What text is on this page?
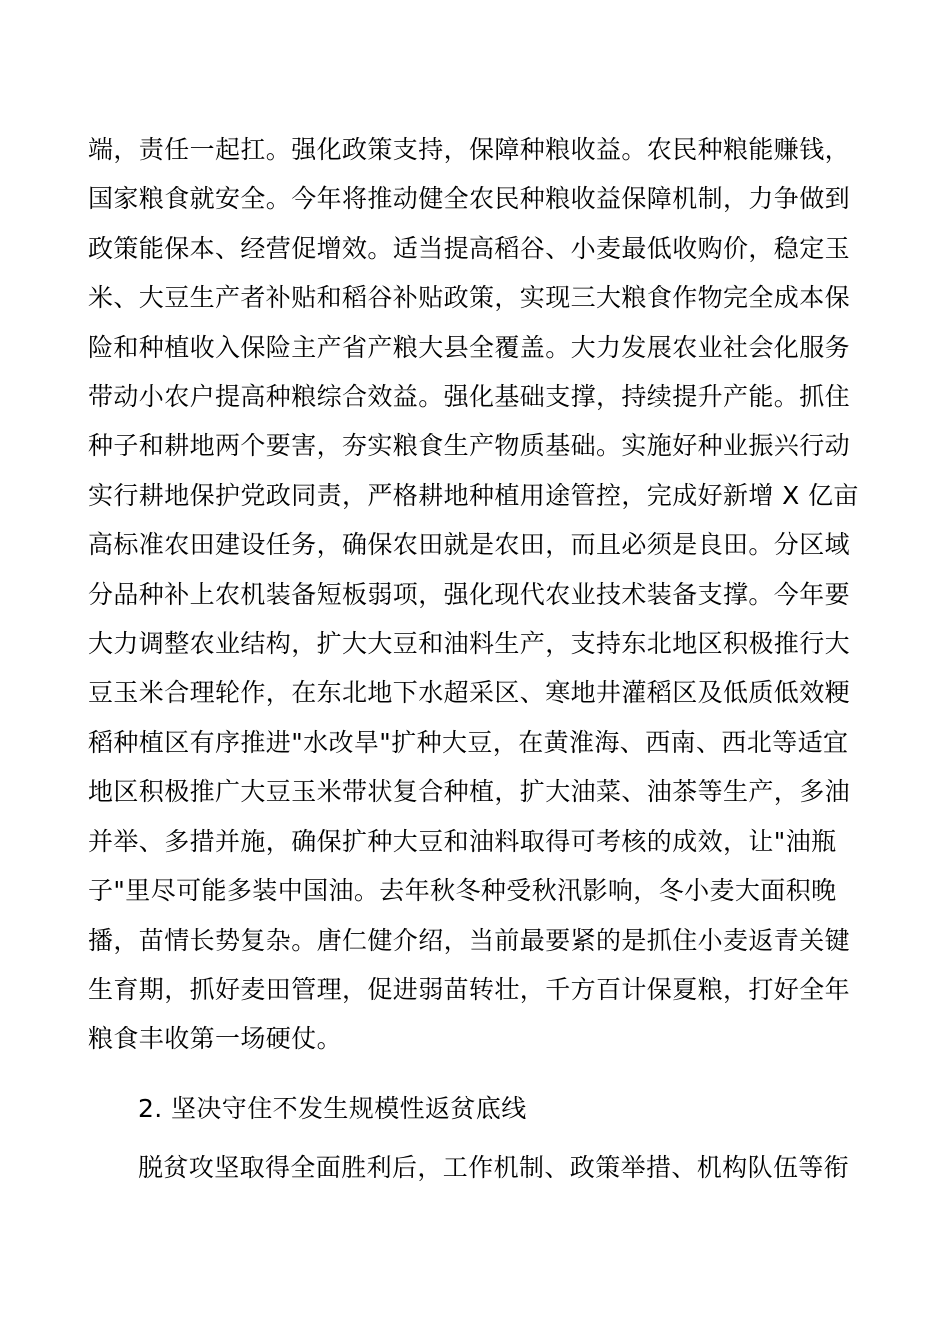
端，责任一起扛。强化政策支持，保障种粮收益。农民种粮能赚钱，
国家粮食就安全。今年将推动健全农民种粮收益保障机制，力争做到
政策能保本、经营促增效。适当提高稻谷、小麦最低收购价，稳定玉
米、大豆生产者补贴和稻谷补贴政策，实现三大粮食作物完全成本保
险和种植收入保险主产省产粮大县全覆盖。大力发展农业社会化服务
带动小农户提高种粮综合效益。强化基础支撑，持续提升产能。抓住
种子和耕地两个要害，夯实粮食生产物质基础。实施好种业振兴行动
实行耕地保护党政同责，严格耕地种植用途管控，完成好新增 X 亿亩
高标准农田建设任务，确保农田就是农田，而且必须是良田。分区域
分品种补上农机装备短板弱项，强化现代农业技术装备支撑。今年要
大力调整农业结构，扩大大豆和油料生产，支持东北地区积极推行大
豆玉米合理轮作，在东北地下水超采区、寒地井灌稻区及低质低效粳
稻种植区有序推进"水改旱"扩种大豆，在黄淮海、西南、西北等适宜
地区积极推广大豆玉米带状复合种植，扩大油菜、油茶等生产，多油
并举、多措并施，确保扩种大豆和油料取得可考核的成效，让"油瓶
子"里尽可能多装中国油。去年秋冬种受秋汛影响，冬小麦大面积晚
播，苗情长势复杂。唐仁健介绍，当前最要紧的是抓住小麦返青关键
生育期，抓好麦田管理，促进弱苗转壮，千方百计保夏粮，打好全年
粮食丰收第一场硬仗。
2. 坚决守住不发生规模性返贫底线
脱贫攻坚取得全面胜利后，工作机制、政策举措、机构队伍等衔
